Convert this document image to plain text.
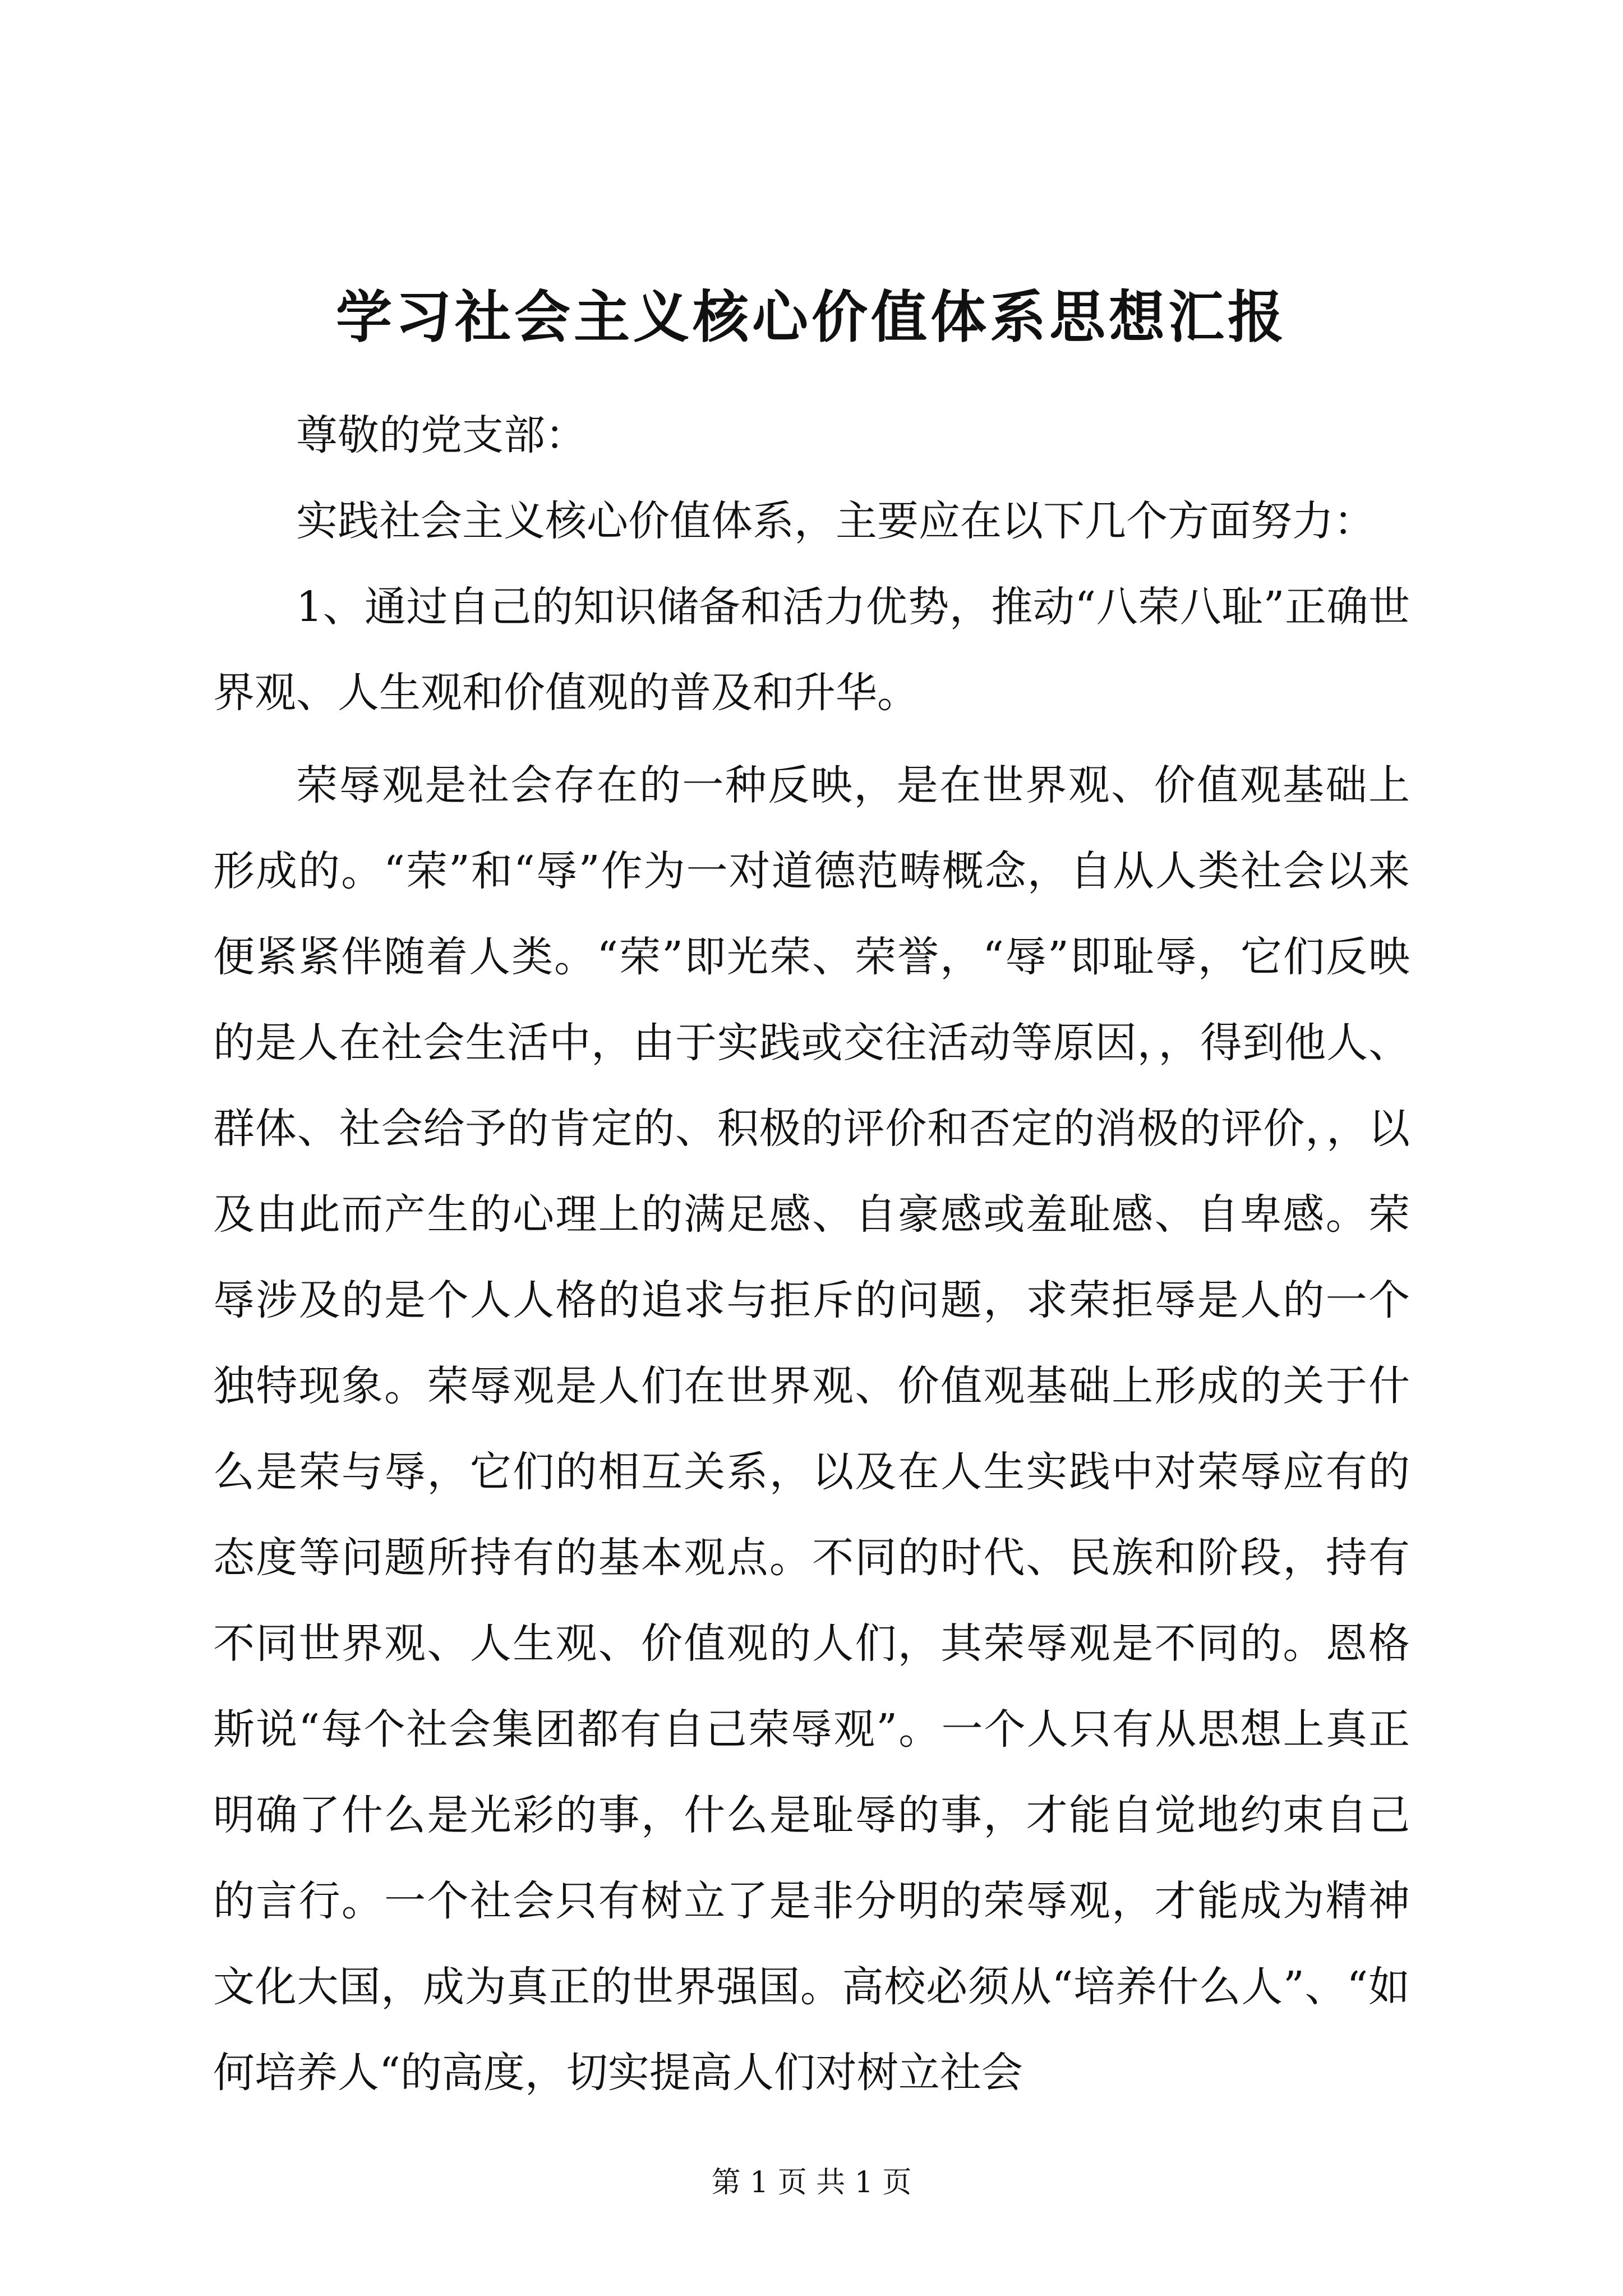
学习社会主义核心价值体系思想汇报

尊敬的党支部：

实践社会主义核心价值体系，主要应在以下几个方面努力：

1、通过自己的知识储备和活力优势，推动“八荣八耻”正确世界观、人生观和价值观的普及和升华。

荣辱观是社会存在的一种反映，是在世界观、价值观基础上形成的。“荣”和“辱”作为一对道德范畴概念，自从人类社会以来便紧紧伴随着人类。“荣”即光荣、荣誉，“辱”即耻辱，它们反映的是人在社会生活中，由于实践或交往活动等原因，，得到他人、群体、社会给予的肯定的、积极的评价和否定的消极的评价，，以及由此而产生的心理上的满足感、自豪感或羞耻感、自卑感。荣辱涉及的是个人人格的追求与拒斥的问题，求荣拒辱是人的一个独特现象。荣辱观是人们在世界观、价值观基础上形成的关于什么是荣与辱，它们的相互关系，以及在人生实践中对荣辱应有的态度等问题所持有的基本观点。不同的时代、民族和阶段，持有不同世界观、人生观、价值观的人们，其荣辱观是不同的。恩格斯说“每个社会集团都有自己荣辱观”。一个人只有从思想上真正明确了什么是光彩的事，什么是耻辱的事，才能自觉地约束自己的言行。一个社会只有树立了是非分明的荣辱观，才能成为精神文化大国，成为真正的世界强国。高校必须从“培养什么人”、“如何培养人“的高度，切实提高人们对树立社会

第 1 页 共 1 页
